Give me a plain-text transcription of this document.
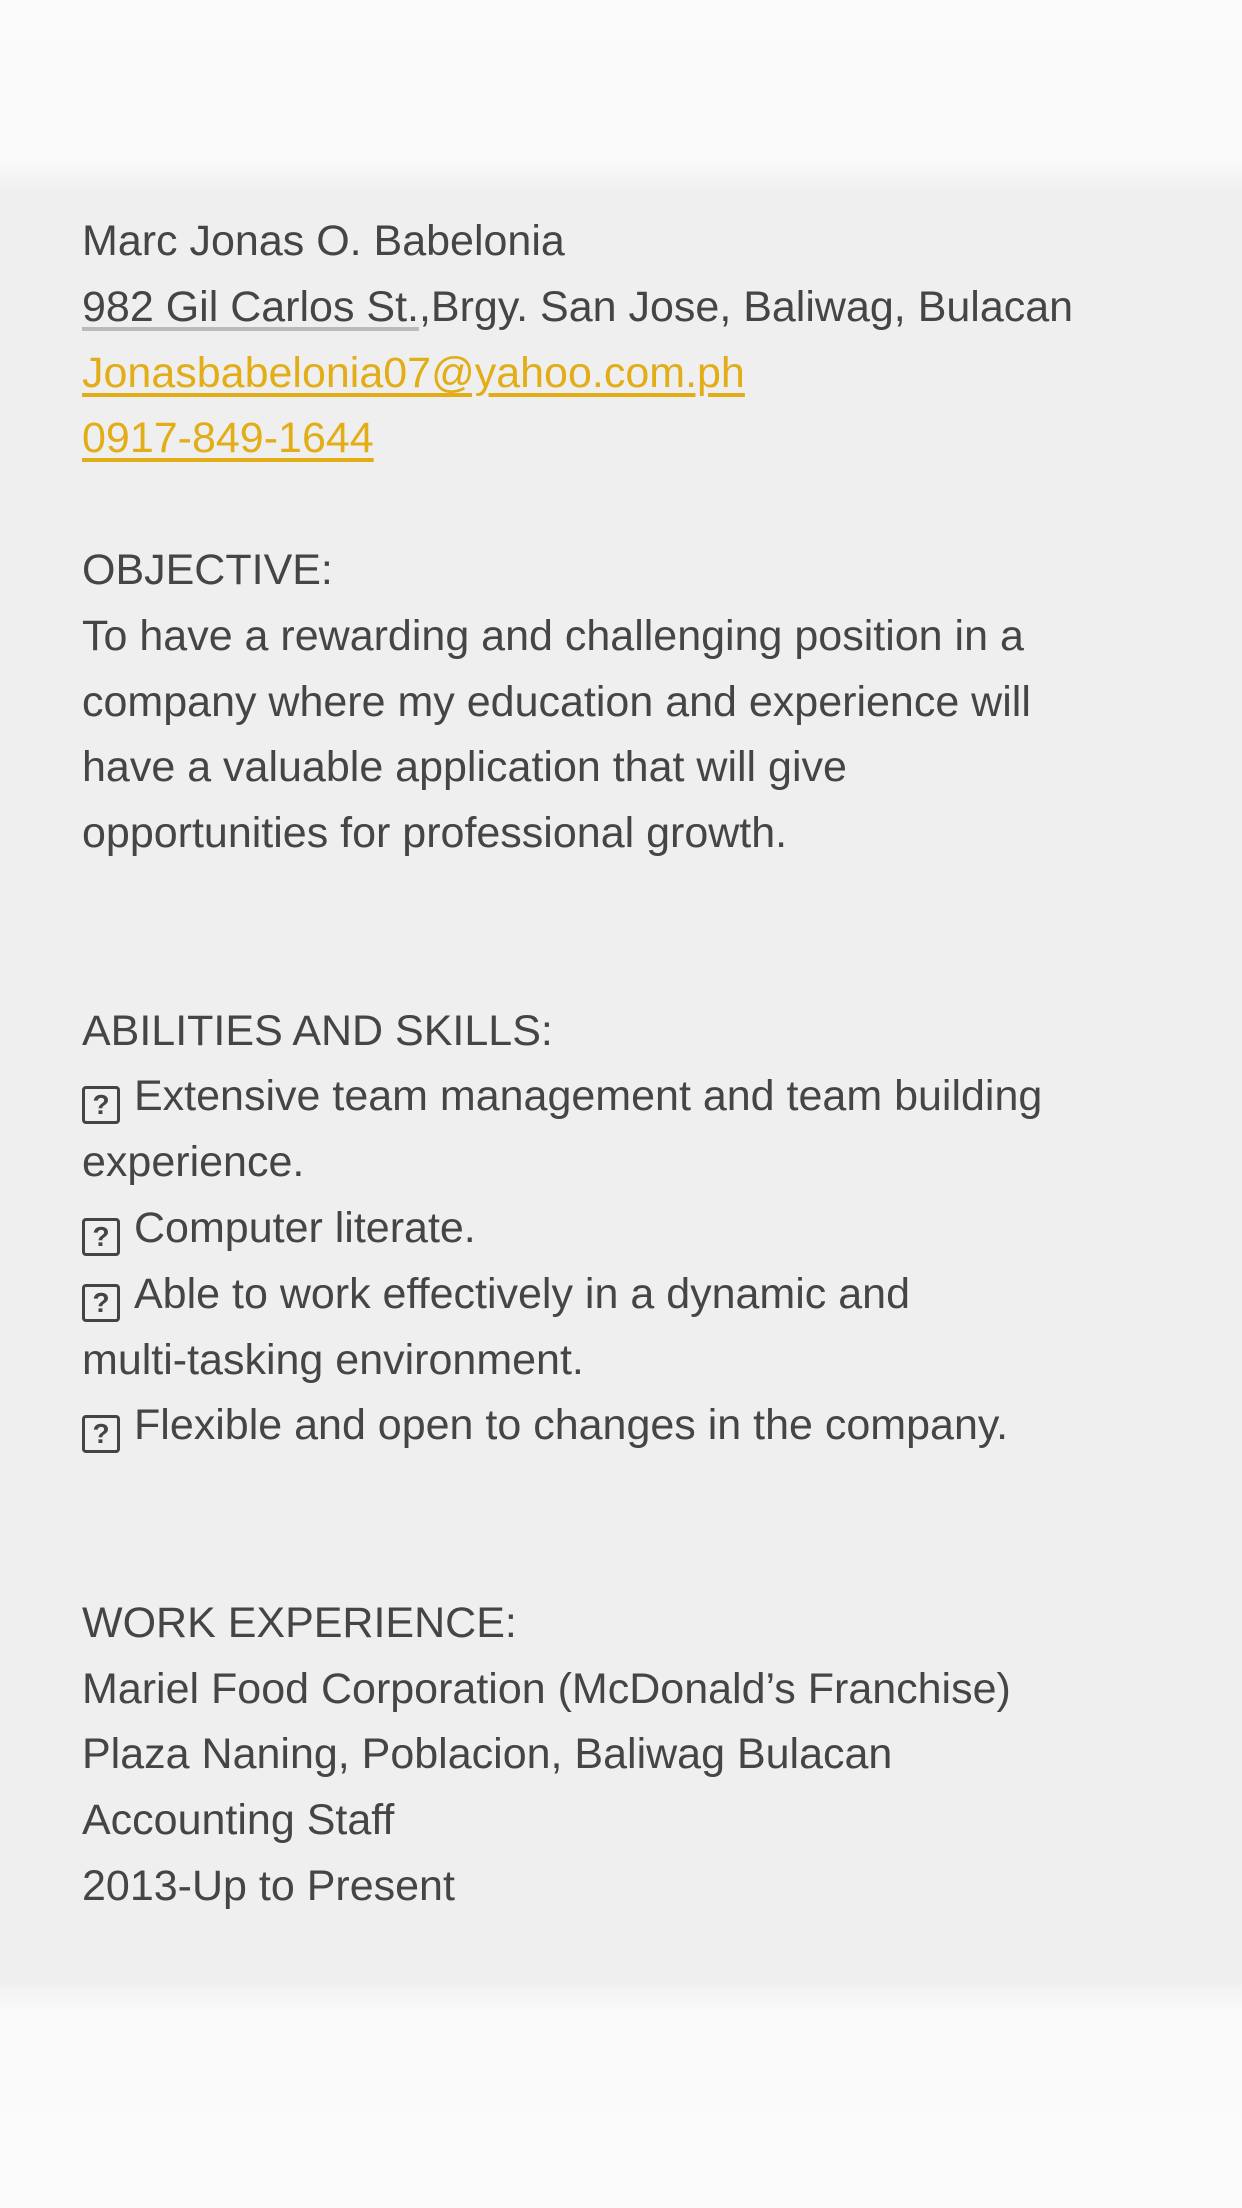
Marc Jonas O. Babelonia
982 Gil Carlos St.,Brgy. San Jose, Baliwag, Bulacan
Jonasbabelonia07@yahoo.com.ph
0917-849-1644
OBJECTIVE:
To have a rewarding and challenging position in a
company where my education and experience will
have a valuable application that will give
opportunities for professional growth.
ABILITIES AND SKILLS:
? Extensive team management and team building
experience.
? Computer literate.
? Able to work effectively in a dynamic and
multi-tasking environment.
? Flexible and open to changes in the company.
WORK EXPERIENCE:
Mariel Food Corporation (McDonald’s Franchise)
Plaza Naning, Poblacion, Baliwag Bulacan
Accounting Staff
2013-Up to Present
